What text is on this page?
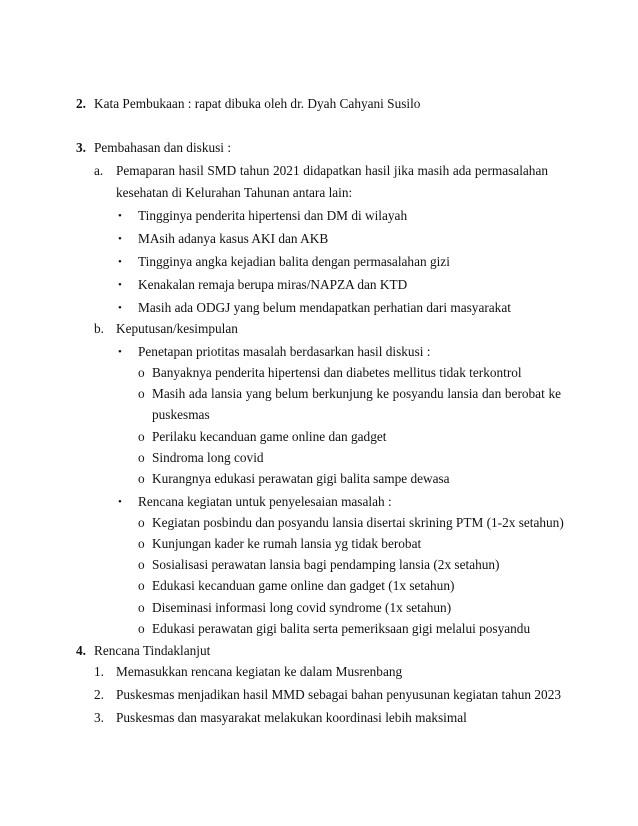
2. Kata Pembukaan : rapat dibuka oleh dr. Dyah Cahyani Susilo
3. Pembahasan dan diskusi :
a. Pemaparan hasil SMD tahun 2021 didapatkan hasil jika masih ada permasalahan
kesehatan di Kelurahan Tahunan antara lain:
• Tingginya penderita hipertensi dan DM di wilayah
• MAsih adanya kasus AKI dan AKB
• Tingginya angka kejadian balita dengan permasalahan gizi
• Kenakalan remaja berupa miras/NAPZA dan KTD
• Masih ada ODGJ yang belum mendapatkan perhatian dari masyarakat
b. Keputusan/kesimpulan
• Penetapan priotitas masalah berdasarkan hasil diskusi :
o Banyaknya penderita hipertensi dan diabetes mellitus tidak terkontrol
o Masih ada lansia yang belum berkunjung ke posyandu lansia dan berobat ke
puskesmas
o Perilaku kecanduan game online dan gadget
o Sindroma long covid
o Kurangnya edukasi perawatan gigi balita sampe dewasa
• Rencana kegiatan untuk penyelesaian masalah :
o Kegiatan posbindu dan posyandu lansia disertai skrining PTM (1-2x setahun)
o Kunjungan kader ke rumah lansia yg tidak berobat
o Sosialisasi perawatan lansia bagi pendamping lansia (2x setahun)
o Edukasi kecanduan game online dan gadget (1x setahun)
o Diseminasi informasi long covid syndrome (1x setahun)
o Edukasi perawatan gigi balita serta pemeriksaan gigi melalui posyandu
4. Rencana Tindaklanjut
1. Memasukkan rencana kegiatan ke dalam Musrenbang
2. Puskesmas menjadikan hasil MMD sebagai bahan penyusunan kegiatan tahun 2023
3. Puskesmas dan masyarakat melakukan koordinasi lebih maksimal
